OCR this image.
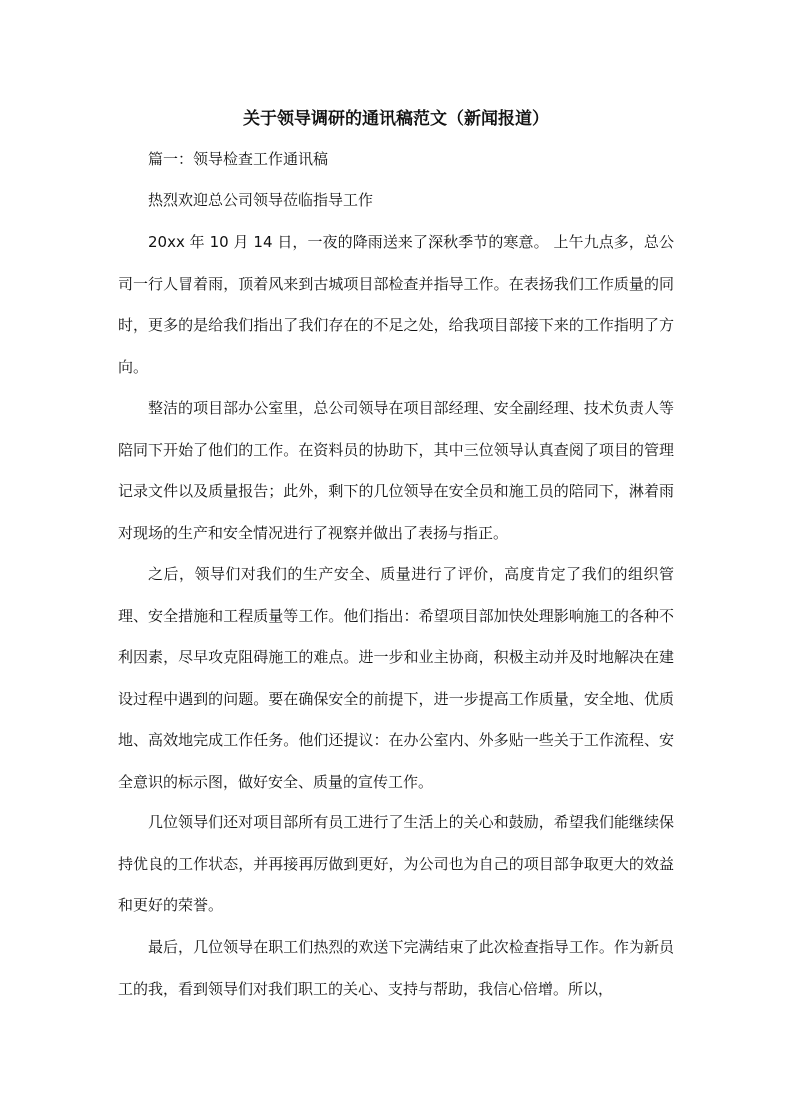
关于领导调研的通讯稿范文（新闻报道）

篇一：领导检查工作通讯稿

热烈欢迎总公司领导莅临指导工作

20xx 年 10 月 14 日，一夜的降雨送来了深秋季节的寒意。 上午九点多，总公司一行人冒着雨，顶着风来到古城项目部检查并指导工作。在表扬我们工作质量的同时，更多的是给我们指出了我们存在的不足之处，给我项目部接下来的工作指明了方向。

整洁的项目部办公室里，总公司领导在项目部经理、安全副经理、技术负责人等陪同下开始了他们的工作。在资料员的协助下，其中三位领导认真查阅了项目的管理记录文件以及质量报告；此外，剩下的几位领导在安全员和施工员的陪同下，淋着雨对现场的生产和安全情况进行了视察并做出了表扬与指正。

之后，领导们对我们的生产安全、质量进行了评价，高度肯定了我们的组织管理、安全措施和工程质量等工作。他们指出：希望项目部加快处理影响施工的各种不利因素，尽早攻克阻碍施工的难点。进一步和业主协商，积极主动并及时地解决在建设过程中遇到的问题。要在确保安全的前提下，进一步提高工作质量，安全地、优质地、高效地完成工作任务。他们还提议：在办公室内、外多贴一些关于工作流程、安全意识的标示图，做好安全、质量的宣传工作。

几位领导们还对项目部所有员工进行了生活上的关心和鼓励，希望我们能继续保持优良的工作状态，并再接再厉做到更好，为公司也为自己的项目部争取更大的效益和更好的荣誉。

最后，几位领导在职工们热烈的欢送下完满结束了此次检查指导工作。作为新员工的我，看到领导们对我们职工的关心、支持与帮助，我信心倍增。所以，
